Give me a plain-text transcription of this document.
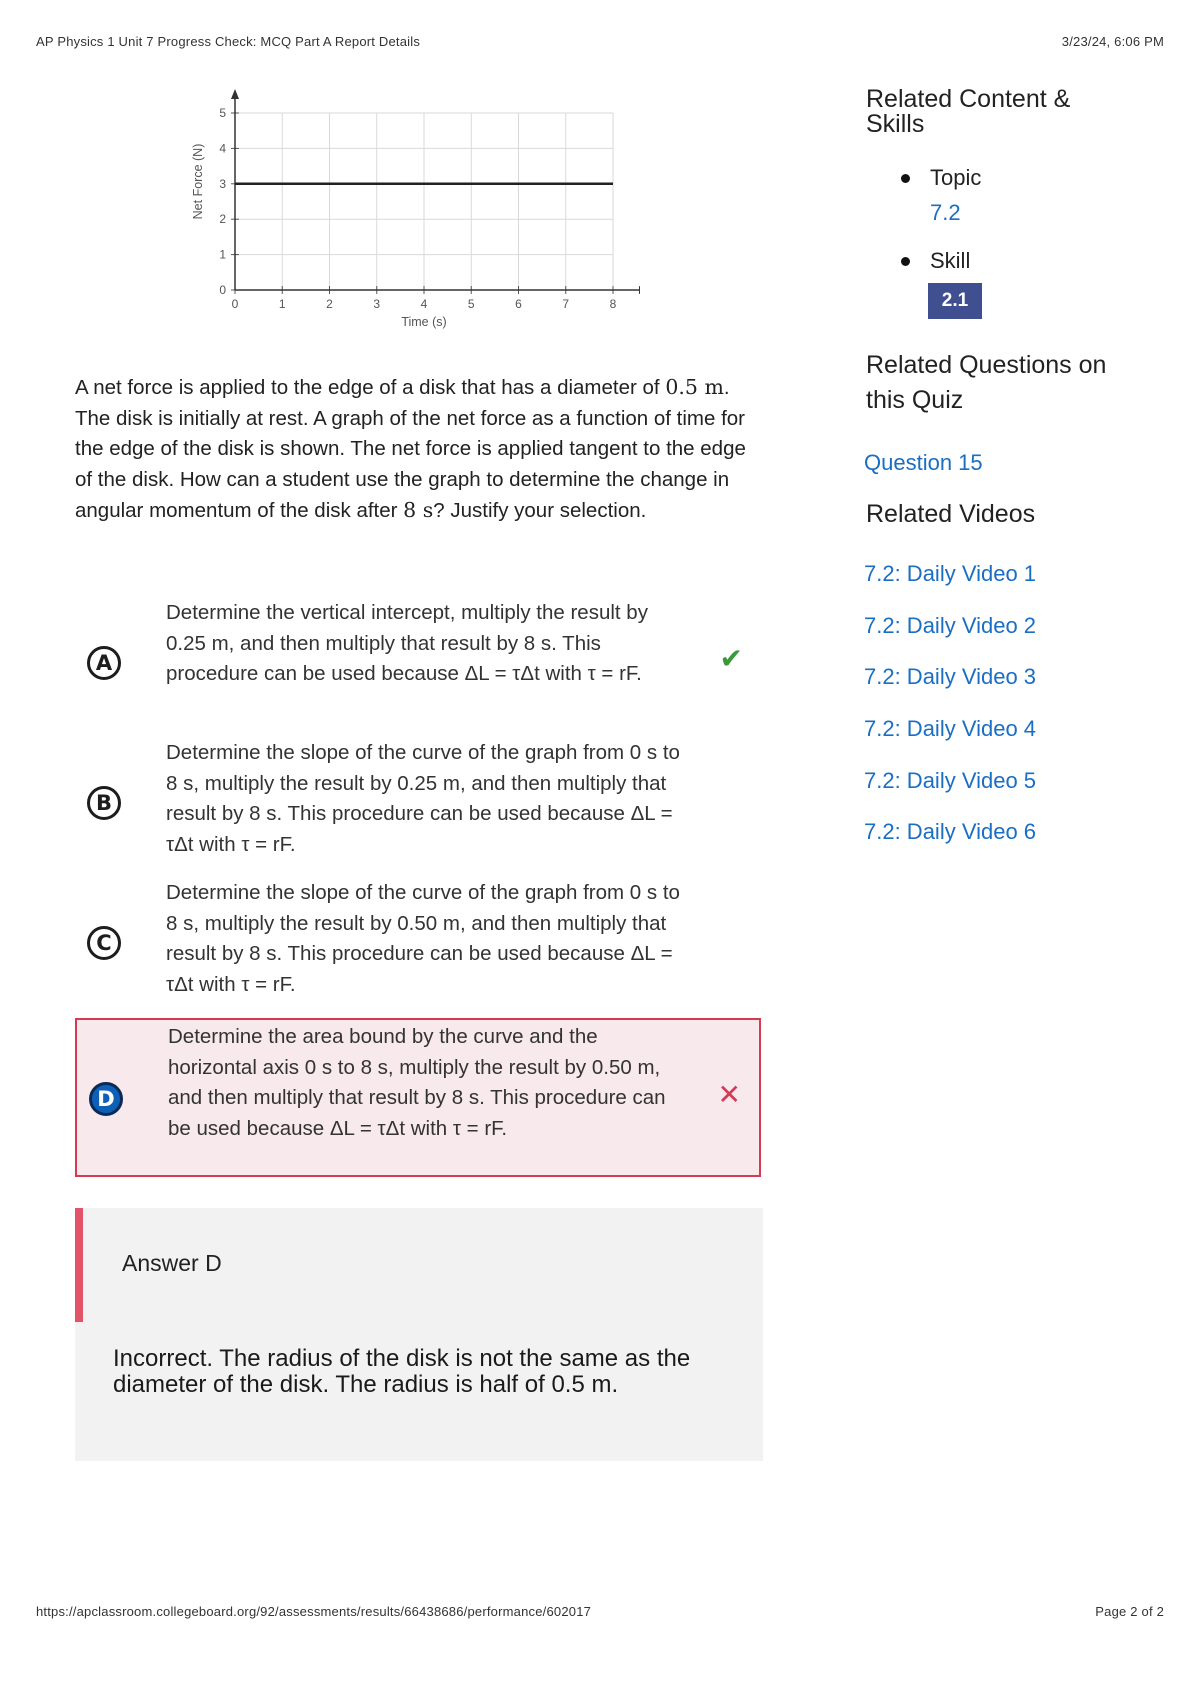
AP Physics 1 Unit 7 Progress Check: MCQ Part A Report Details	3/23/24, 6:06 PM
0	1	2	3	4	5	6	7	8
0
1
2
3
4
5
Time (s)
Net Force (N)
A net force is applied to the edge of a disk that has a diameter of 0.5 m. The disk is initially at rest. A graph of the net force as a function of time for the edge of the disk is shown. The net force is applied tangent to the edge of the disk. How can a student use the graph to determine the change in angular momentum of the disk after 8 s? Justify your selection.
A
Determine the vertical intercept, multiply the result by 0.25 m, and then multiply that result by 8 s. This procedure can be used because ΔL = τΔt with τ = rF.	✔
B
Determine the slope of the curve of the graph from 0 s to 8 s, multiply the result by 0.25 m, and then multiply that result by 8 s. This procedure can be used because ΔL = τΔt with τ = rF.
C
Determine the slope of the curve of the graph from 0 s to 8 s, multiply the result by 0.50 m, and then multiply that result by 8 s. This procedure can be used because ΔL = τΔt with τ = rF.
D
Determine the area bound by the curve and the horizontal axis 0 s to 8 s, multiply the result by 0.50 m, and then multiply that result by 8 s. This procedure can be used because ΔL = τΔt with τ = rF.
✕
Answer D
Incorrect. The radius of the disk is not the same as the diameter of the disk. The radius is half of 0.5 m.
Related Content & Skills
Topic
7.2
Skill
2.1
Related Questions on this Quiz
Question 15
Related Videos
7.2: Daily Video 1
7.2: Daily Video 2
7.2: Daily Video 3
7.2: Daily Video 4
7.2: Daily Video 5
7.2: Daily Video 6
https://apclassroom.collegeboard.org/92/assessments/results/66438686/performance/602017	Page 2 of 2
